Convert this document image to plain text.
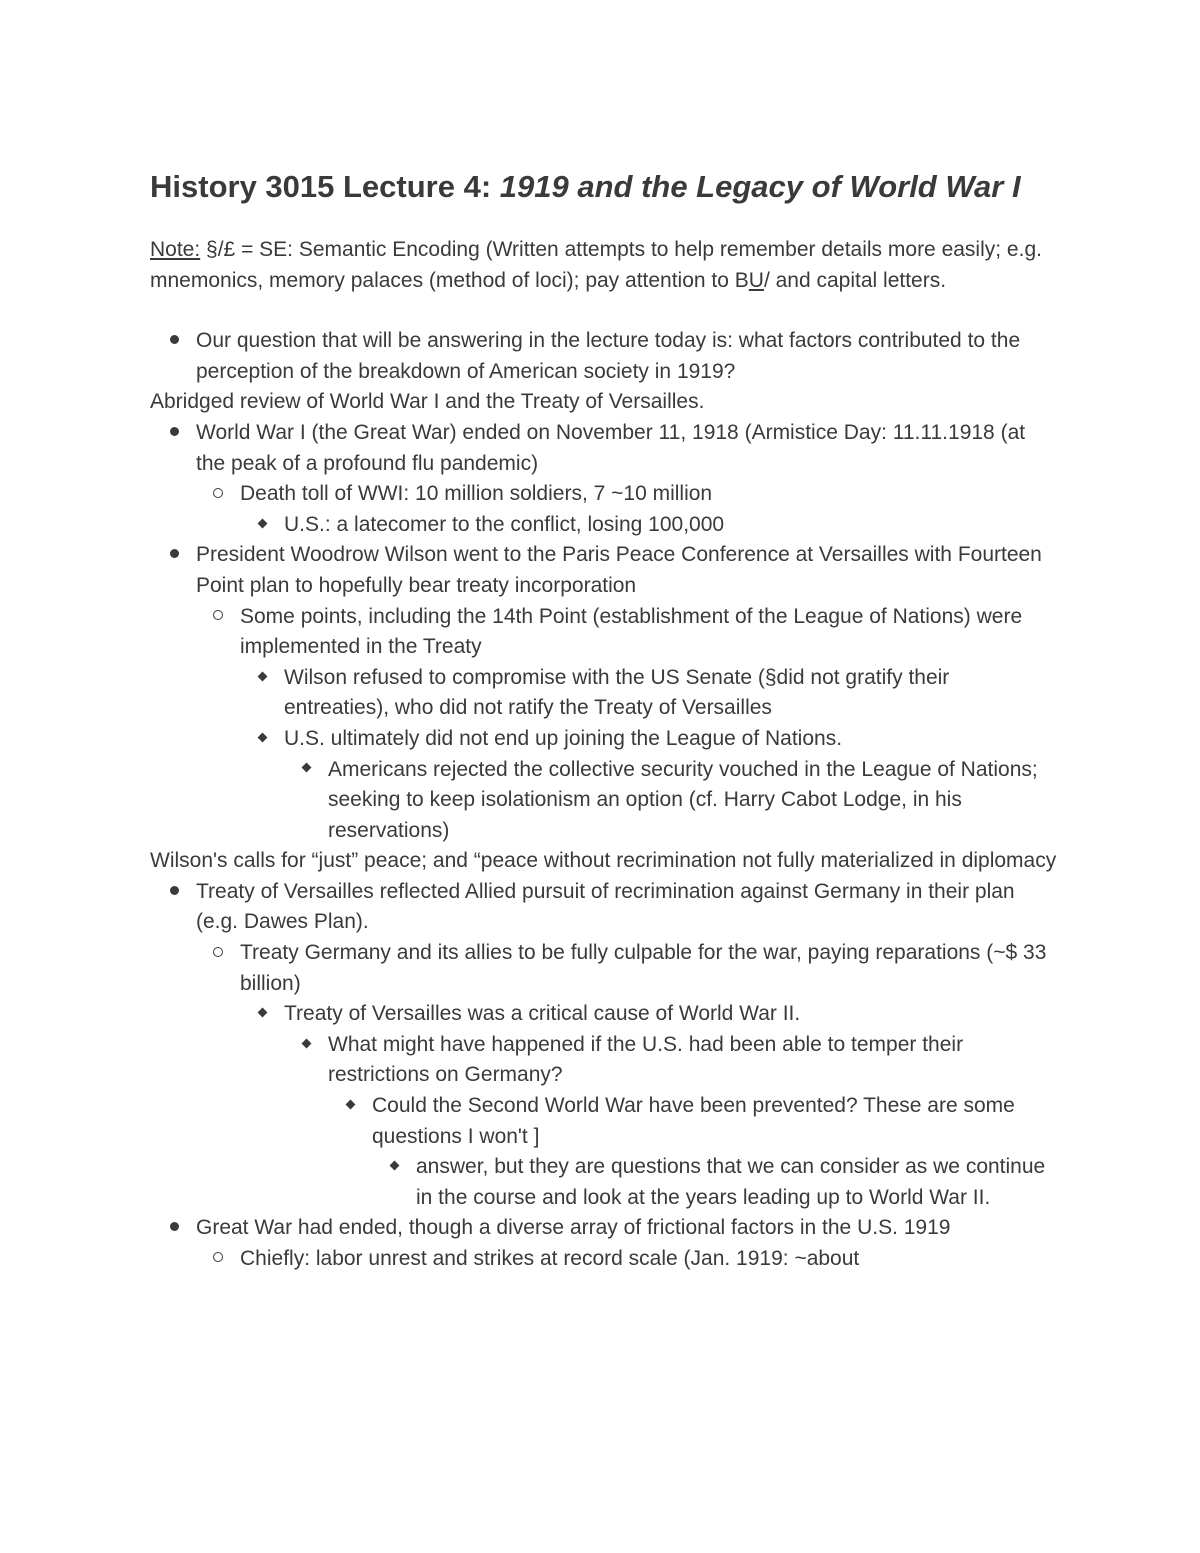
History 3015 Lecture 4: 1919 and the Legacy of World War I
Note: §/£ = SE: Semantic Encoding (Written attempts to help remember details more easily; e.g. mnemonics, memory palaces (method of loci); pay attention to BU/ and capital letters.
Our question that will be answering in the lecture today is: what factors contributed to the perception of the breakdown of American society in 1919?
Abridged review of World War I and the Treaty of Versailles.
World War I (the Great War) ended on November 11, 1918 (Armistice Day: 11.11.1918 (at the peak of a profound flu pandemic)
Death toll of WWI: 10 million soldiers, 7 ~10 million
U.S.: a latecomer to the conflict, losing 100,000
President Woodrow Wilson went to the Paris Peace Conference at Versailles with Fourteen Point plan to hopefully bear treaty incorporation
Some points, including the 14th Point (establishment of the League of Nations) were implemented in the Treaty
Wilson refused to compromise with the US Senate (§did not gratify their entreaties), who did not ratify the Treaty of Versailles
U.S. ultimately did not end up joining the League of Nations.
Americans rejected the collective security vouched in the League of Nations; seeking to keep isolationism an option (cf. Harry Cabot Lodge, in his reservations)
Wilson's calls for “just” peace; and “peace without recrimination not fully materialized in diplomacy
Treaty of Versailles reflected Allied pursuit of recrimination against Germany in their plan (e.g. Dawes Plan).
Treaty Germany and its allies to be fully culpable for the war, paying reparations (~$ 33 billion)
Treaty of Versailles was a critical cause of World War II.
What might have happened if the U.S. had been able to temper their restrictions on Germany?
Could the Second World War have been prevented? These are some questions I won't ]
answer, but they are questions that we can consider as we continue in the course and look at the years leading up to World War II.
Great War had ended, though a diverse array of frictional factors in the U.S. 1919
Chiefly: labor unrest and strikes at record scale (Jan. 1919: ~about
